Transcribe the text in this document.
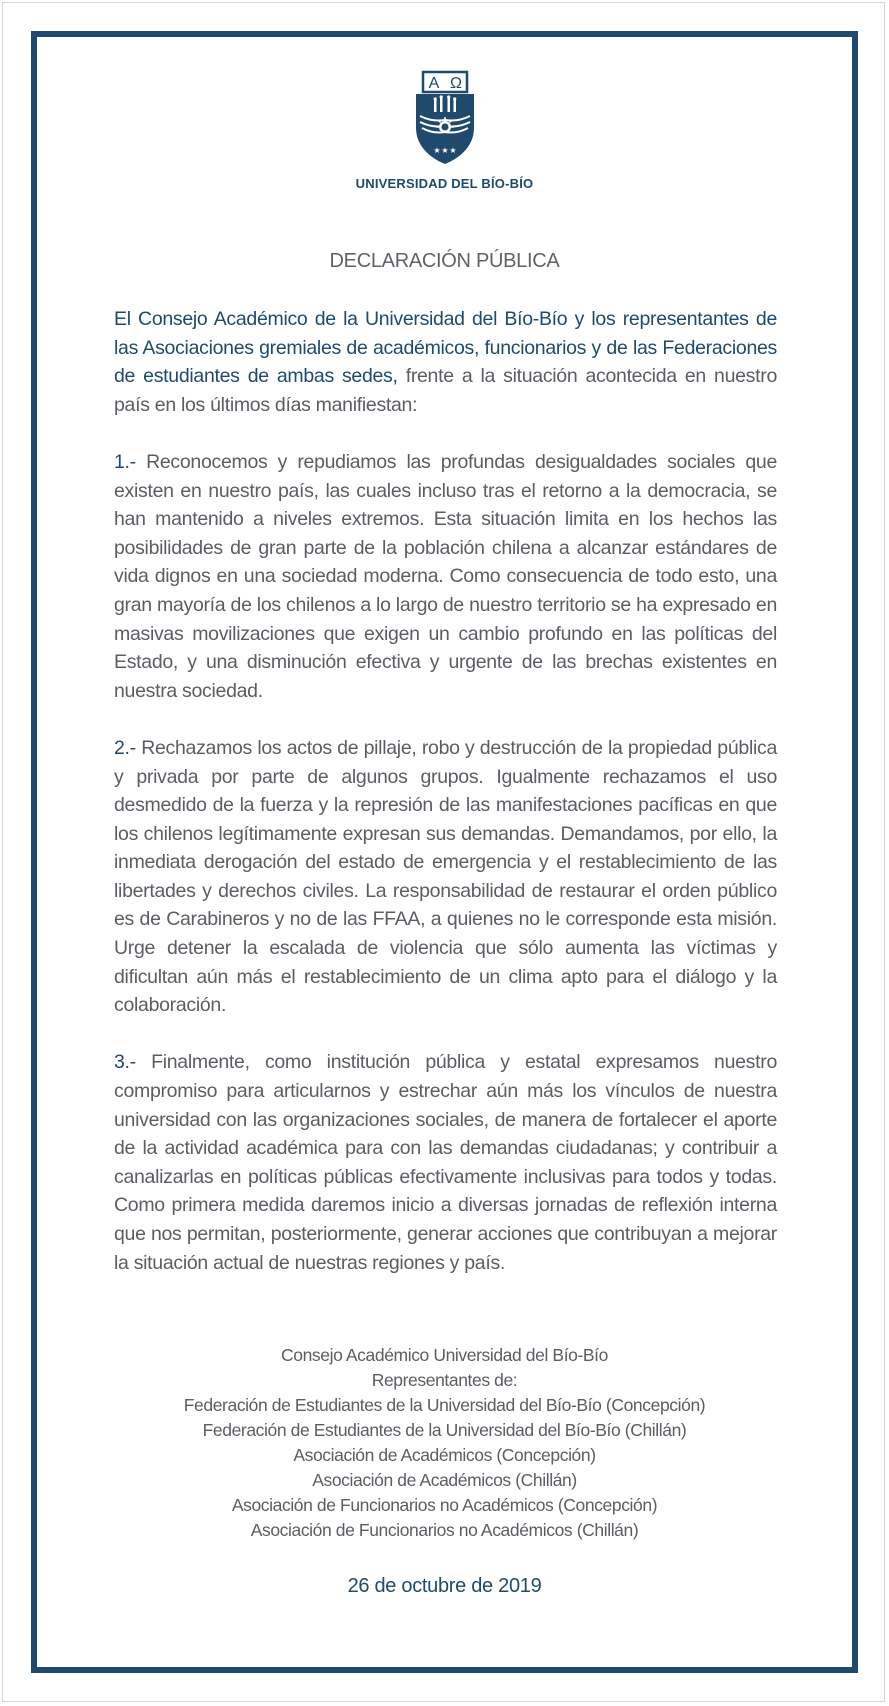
A Ω
★ ★ ★
UNIVERSIDAD DEL BÍO-BÍO
DECLARACIÓN PÚBLICA

El Consejo Académico de la Universidad del Bío-Bío y los representantes de las Asociaciones gremiales de académicos, funcionarios y de las Federaciones de estudiantes de ambas sedes, frente a la situación acontecida en nuestro país en los últimos días manifiestan:

1.- Reconocemos y repudiamos las profundas desigualdades sociales que existen en nuestro país, las cuales incluso tras el retorno a la democracia, se han mantenido a niveles extremos. Esta situación limita en los hechos las posibilidades de gran parte de la población chilena a alcanzar estándares de vida dignos en una sociedad moderna. Como consecuencia de todo esto, una gran mayoría de los chilenos a lo largo de nuestro territorio se ha expresado en masivas movilizaciones que exigen un cambio profundo en las políticas del Estado, y una disminución efectiva y urgente de las brechas existentes en nuestra sociedad.

2.- Rechazamos los actos de pillaje, robo y destrucción de la propiedad pública y privada por parte de algunos grupos. Igualmente rechazamos el uso desmedido de la fuerza y la represión de las manifestaciones pacíficas en que los chilenos legítimamente expresan sus demandas. Demandamos, por ello, la inmediata derogación del estado de emergencia y el restablecimiento de las libertades y derechos civiles. La responsabilidad de restaurar el orden público es de Carabineros y no de las FFAA, a quienes no le corresponde esta misión. Urge detener la escalada de violencia que sólo aumenta las víctimas y dificultan aún más el restablecimiento de un clima apto para el diálogo y la colaboración.

3.- Finalmente, como institución pública y estatal expresamos nuestro compromiso para articularnos y estrechar aún más los vínculos de nuestra universidad con las organizaciones sociales, de manera de fortalecer el aporte de la actividad académica para con las demandas ciudadanas; y contribuir a canalizarlas en políticas públicas efectivamente inclusivas para todos y todas. Como primera medida daremos inicio a diversas jornadas de reflexión interna que nos permitan, posteriormente, generar acciones que contribuyan a mejorar la situación actual de nuestras regiones y país.

Consejo Académico Universidad del Bío-Bío
Representantes de:
Federación de Estudiantes de la Universidad del Bío-Bío (Concepción)
Federación de Estudiantes de la Universidad del Bío-Bío (Chillán)
Asociación de Académicos (Concepción)
Asociación de Académicos (Chillán)
Asociación de Funcionarios no Académicos (Concepción)
Asociación de Funcionarios no Académicos (Chillán)
26 de octubre de 2019
